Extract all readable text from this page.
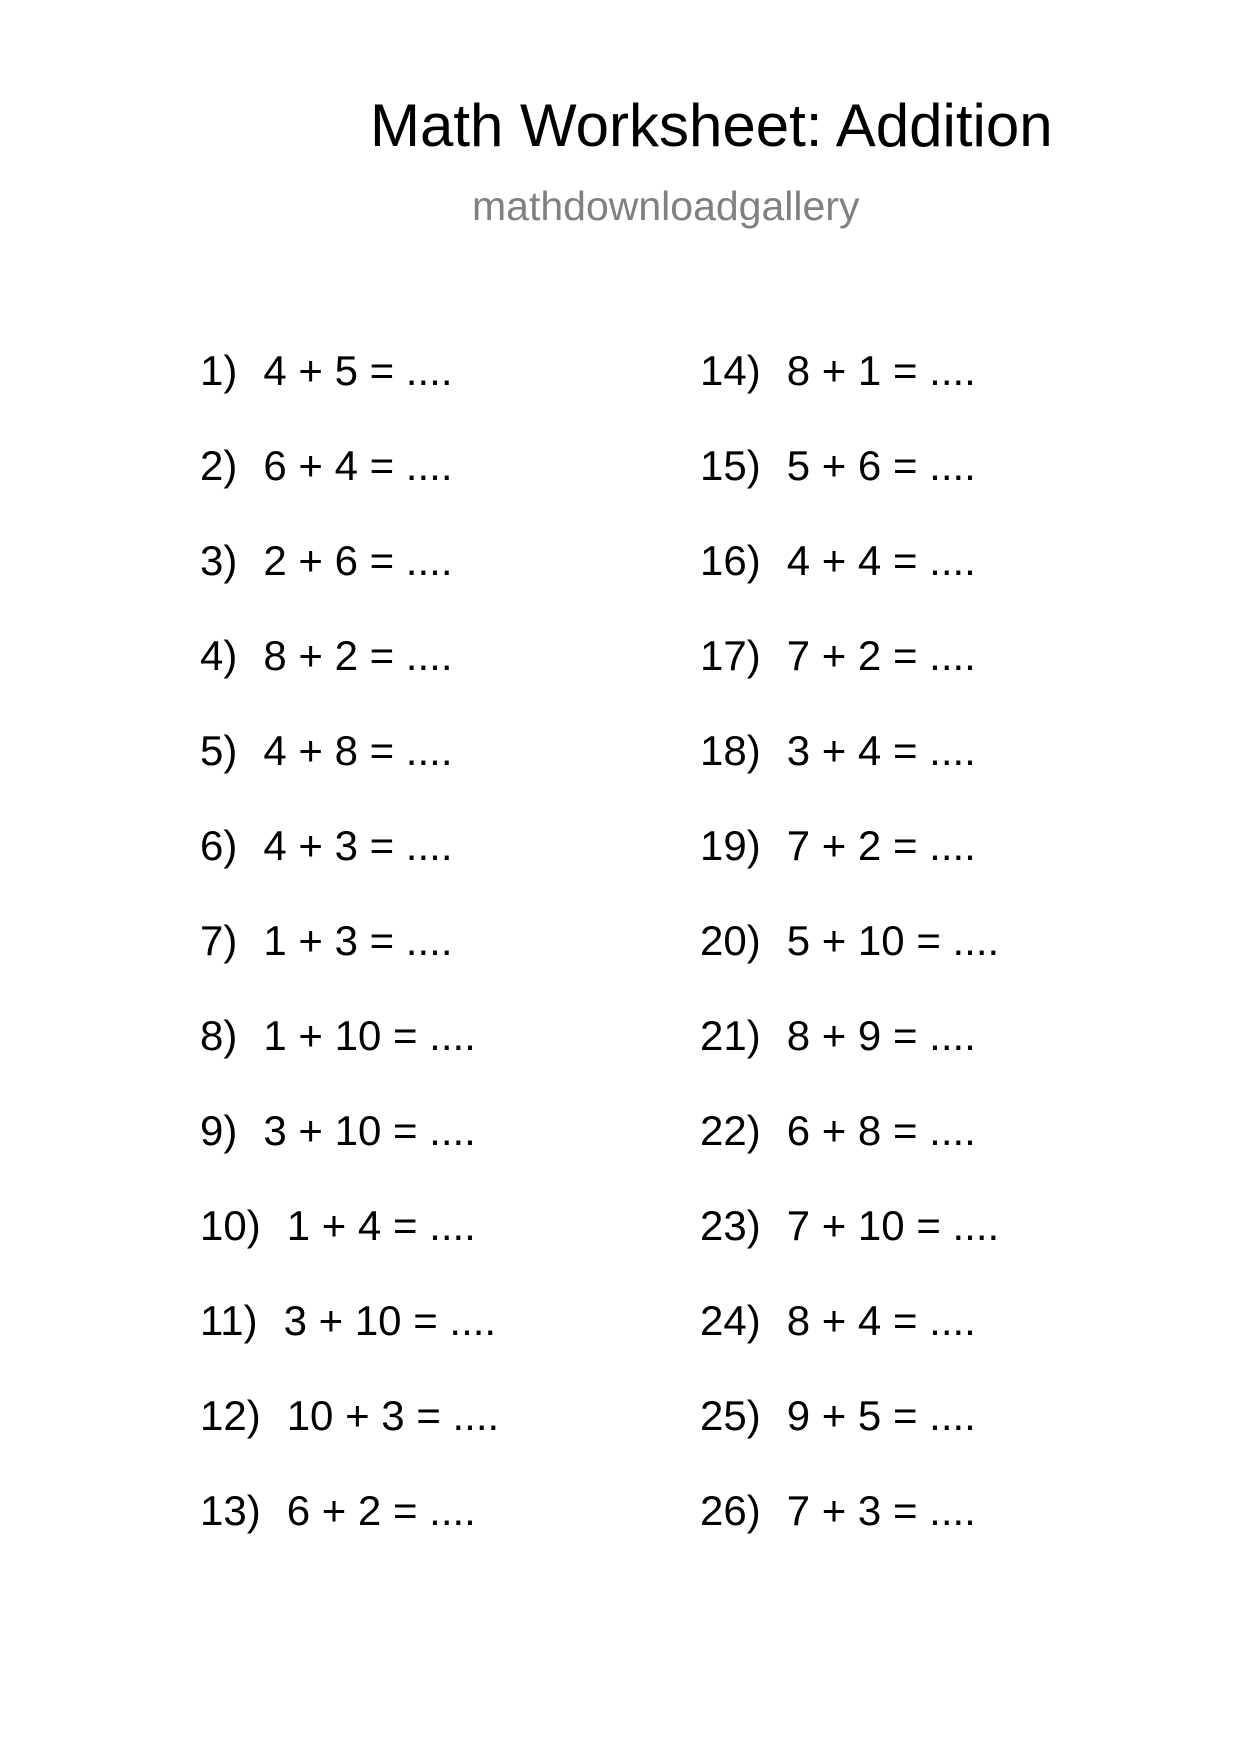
Math Worksheet: Addition
mathdownloadgallery
1) 4 + 5 = ....
2) 6 + 4 = ....
3) 2 + 6 = ....
4) 8 + 2 = ....
5) 4 + 8 = ....
6) 4 + 3 = ....
7) 1 + 3 = ....
8) 1 + 10 = ....
9) 3 + 10 = ....
10) 1 + 4 = ....
11) 3 + 10 = ....
12) 10 + 3 = ....
13) 6 + 2 = ....
14) 8 + 1 = ....
15) 5 + 6 = ....
16) 4 + 4 = ....
17) 7 + 2 = ....
18) 3 + 4 = ....
19) 7 + 2 = ....
20) 5 + 10 = ....
21) 8 + 9 = ....
22) 6 + 8 = ....
23) 7 + 10 = ....
24) 8 + 4 = ....
25) 9 + 5 = ....
26) 7 + 3 = ....
